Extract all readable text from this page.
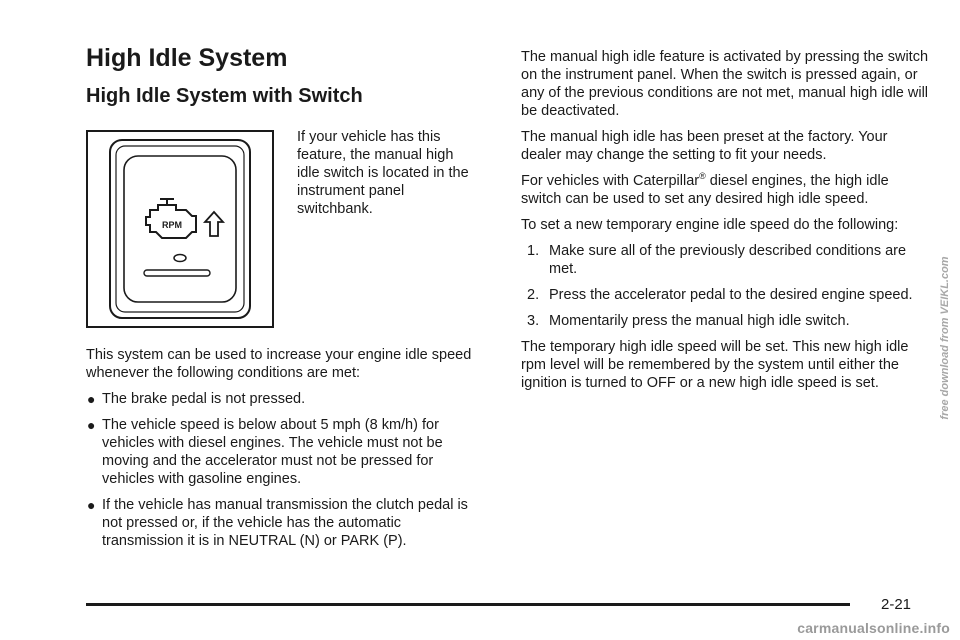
High Idle System
High Idle System with Switch
RPM
If your vehicle has this feature, the manual high idle switch is located in the instrument panel switchbank.

This system can be used to increase your engine idle speed whenever the following conditions are met:

● The brake pedal is not pressed.
● The vehicle speed is below about 5 mph (8 km/h) for vehicles with diesel engines. The vehicle must not be moving and the accelerator must not be pressed for vehicles with gasoline engines.
● If the vehicle has manual transmission the clutch pedal is not pressed or, if the vehicle has the automatic transmission it is in NEUTRAL (N) or PARK (P).

The manual high idle feature is activated by pressing the switch on the instrument panel. When the switch is pressed again, or any of the previous conditions are not met, manual high idle will be deactivated.

The manual high idle has been preset at the factory. Your dealer may change the setting to fit your needs.

For vehicles with Caterpillar® diesel engines, the high idle switch can be used to set any desired high idle speed.

To set a new temporary engine idle speed do the following:

1. Make sure all of the previously described conditions are met.
2. Press the accelerator pedal to the desired engine speed.
3. Momentarily press the manual high idle switch.

The temporary high idle speed will be set. This new high idle rpm level will be remembered by the system until either the ignition is turned to OFF or a new high idle speed is set.

2-21
free download from VEIKL.com
carmanualsonline.info
